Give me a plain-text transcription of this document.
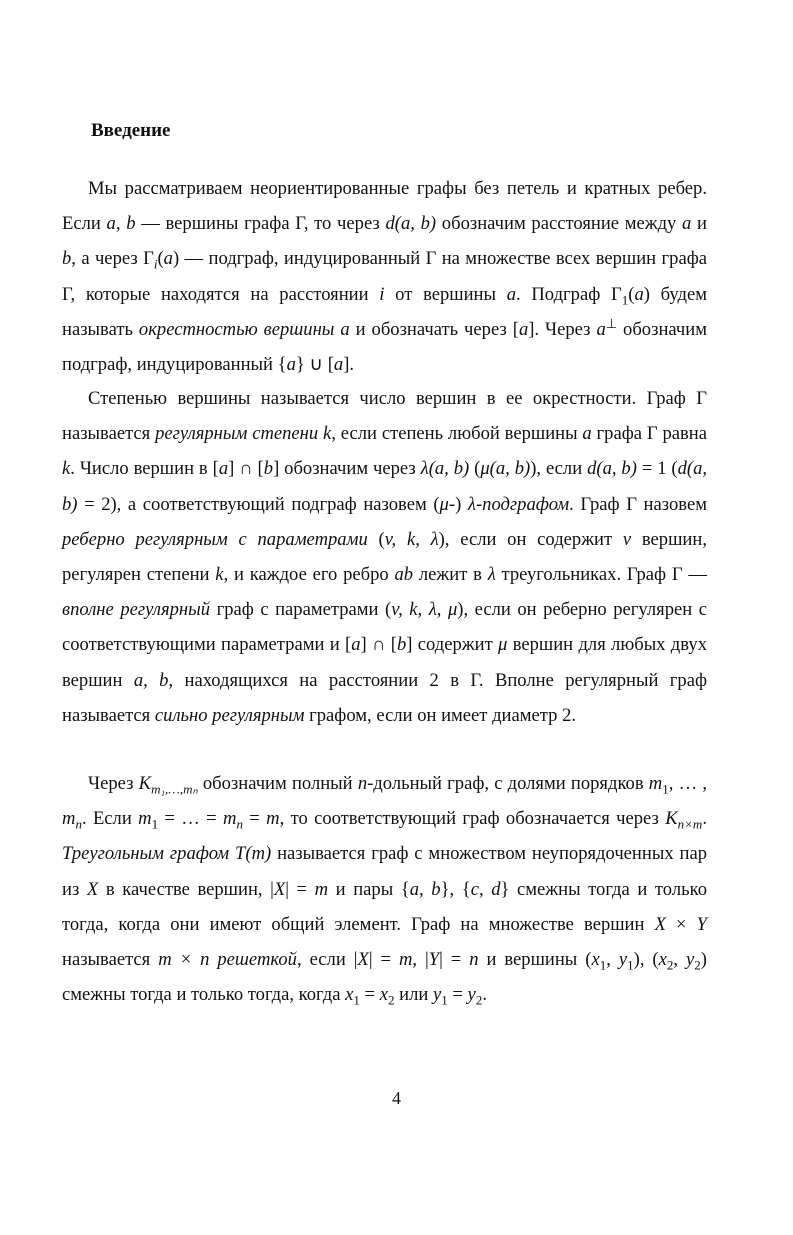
Введение

Мы рассматриваем неориентированные графы без петель и кратных ребер. Если a, b — вершины графа Γ, то через d(a, b) обозначим расстояние между a и b, а через $\Gamma_i(a)$ — подграф, индуцированный Γ на множестве всех вершин графа Γ, которые находятся на расстоянии i от вершины a. Подграф $\Gamma_1(a)$ будем называть окрестностью вершины a и обозначать через [a]. Через a⊥ обозначим подграф, индуцированный {a} ∪ [a].

Степенью вершины называется число вершин в ее окрестности. Граф Γ называется регулярным степени k, если степень любой вершины a графа Γ равна k. Число вершин в [a] ∩ [b] обозначим через λ(a, b) (μ(a, b)), если d(a, b) = 1 (d(a, b) = 2), а соответствующий подграф назовем (μ-) λ-подграфом. Граф Γ назовем реберно регулярным с параметрами (v, k, λ), если он содержит v вершин, регулярен степени k, и каждое его ребро ab лежит в λ треугольниках. Граф Γ — вполне регулярный граф с параметрами (v, k, λ, μ), если он реберно регулярен с соответствующими параметрами и [a] ∩ [b] содержит μ вершин для любых двух вершин a, b, находящихся на расстоянии 2 в Γ. Вполне регулярный граф называется сильно регулярным графом, если он имеет диаметр 2.

Через $K_{m_1,\dots,m_n}$ обозначим полный n-дольный граф, с долями порядков $m_1$, … , $m_n$. Если $m_1$ = … = $m_n = m$, то соответствующий граф обозначается через $K_{n\times m}$. Треугольным графом T(m) называется граф с множеством неупорядоченных пар из X в качестве вершин, |X| = m и пары {a, b}, {c, d} смежны тогда и только тогда, когда они имеют общий элемент. Граф на множестве вершин X × Y называется m × n решеткой, если |X| = m, |Y| = n и вершины ($x_1$, $y_1$), ($x_2$, $y_2$) смежны тогда и только тогда, когда $x_1 = x_2$ или $y_1 = y_2$.

4
